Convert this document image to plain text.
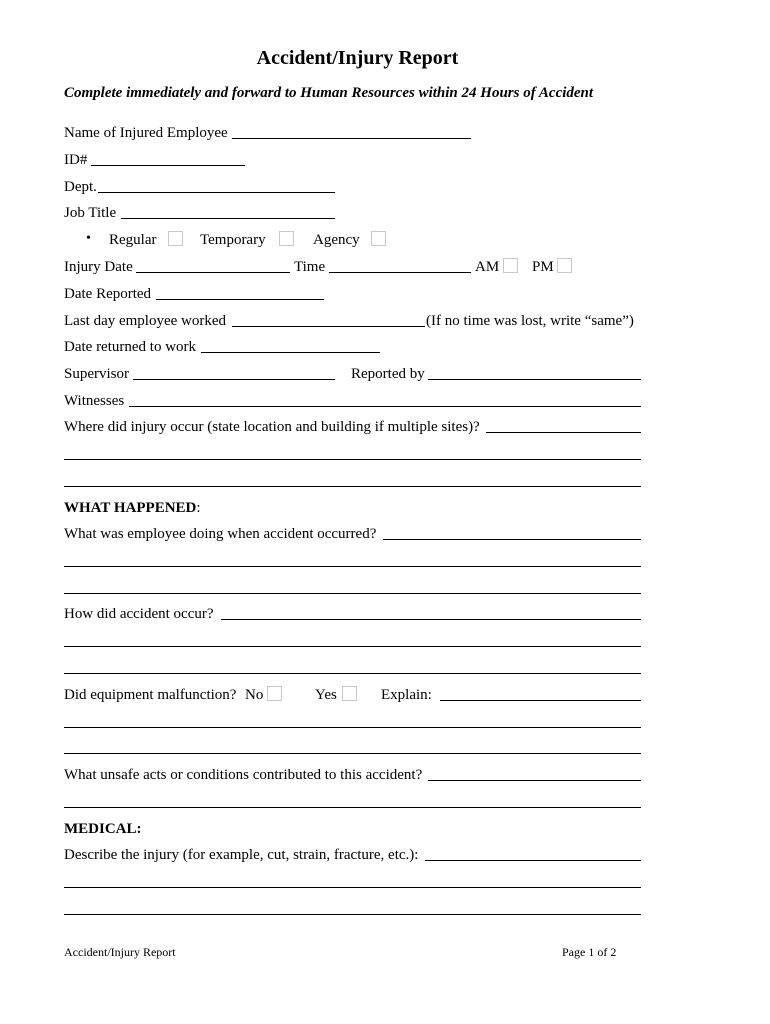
Accident/Injury Report
Complete immediately and forward to Human Resources within 24 Hours of Accident
Name of Injured Employee
ID#
Dept.
Job Title
• Regular	Temporary	Agency
Injury Date	Time	AM PM
Date Reported
Last day employee worked	(If no time was lost, write “same”)
Date returned to work
Supervisor	Reported by
Witnesses
Where did injury occur (state location and building if multiple sites)?
WHAT HAPPENED:
What was employee doing when accident occurred?
How did accident occur?
Did equipment malfunction? No	Yes	Explain:
What unsafe acts or conditions contributed to this accident?
MEDICAL:
Describe the injury (for example, cut, strain, fracture, etc.):
Accident/Injury Report	Page 1 of 2
